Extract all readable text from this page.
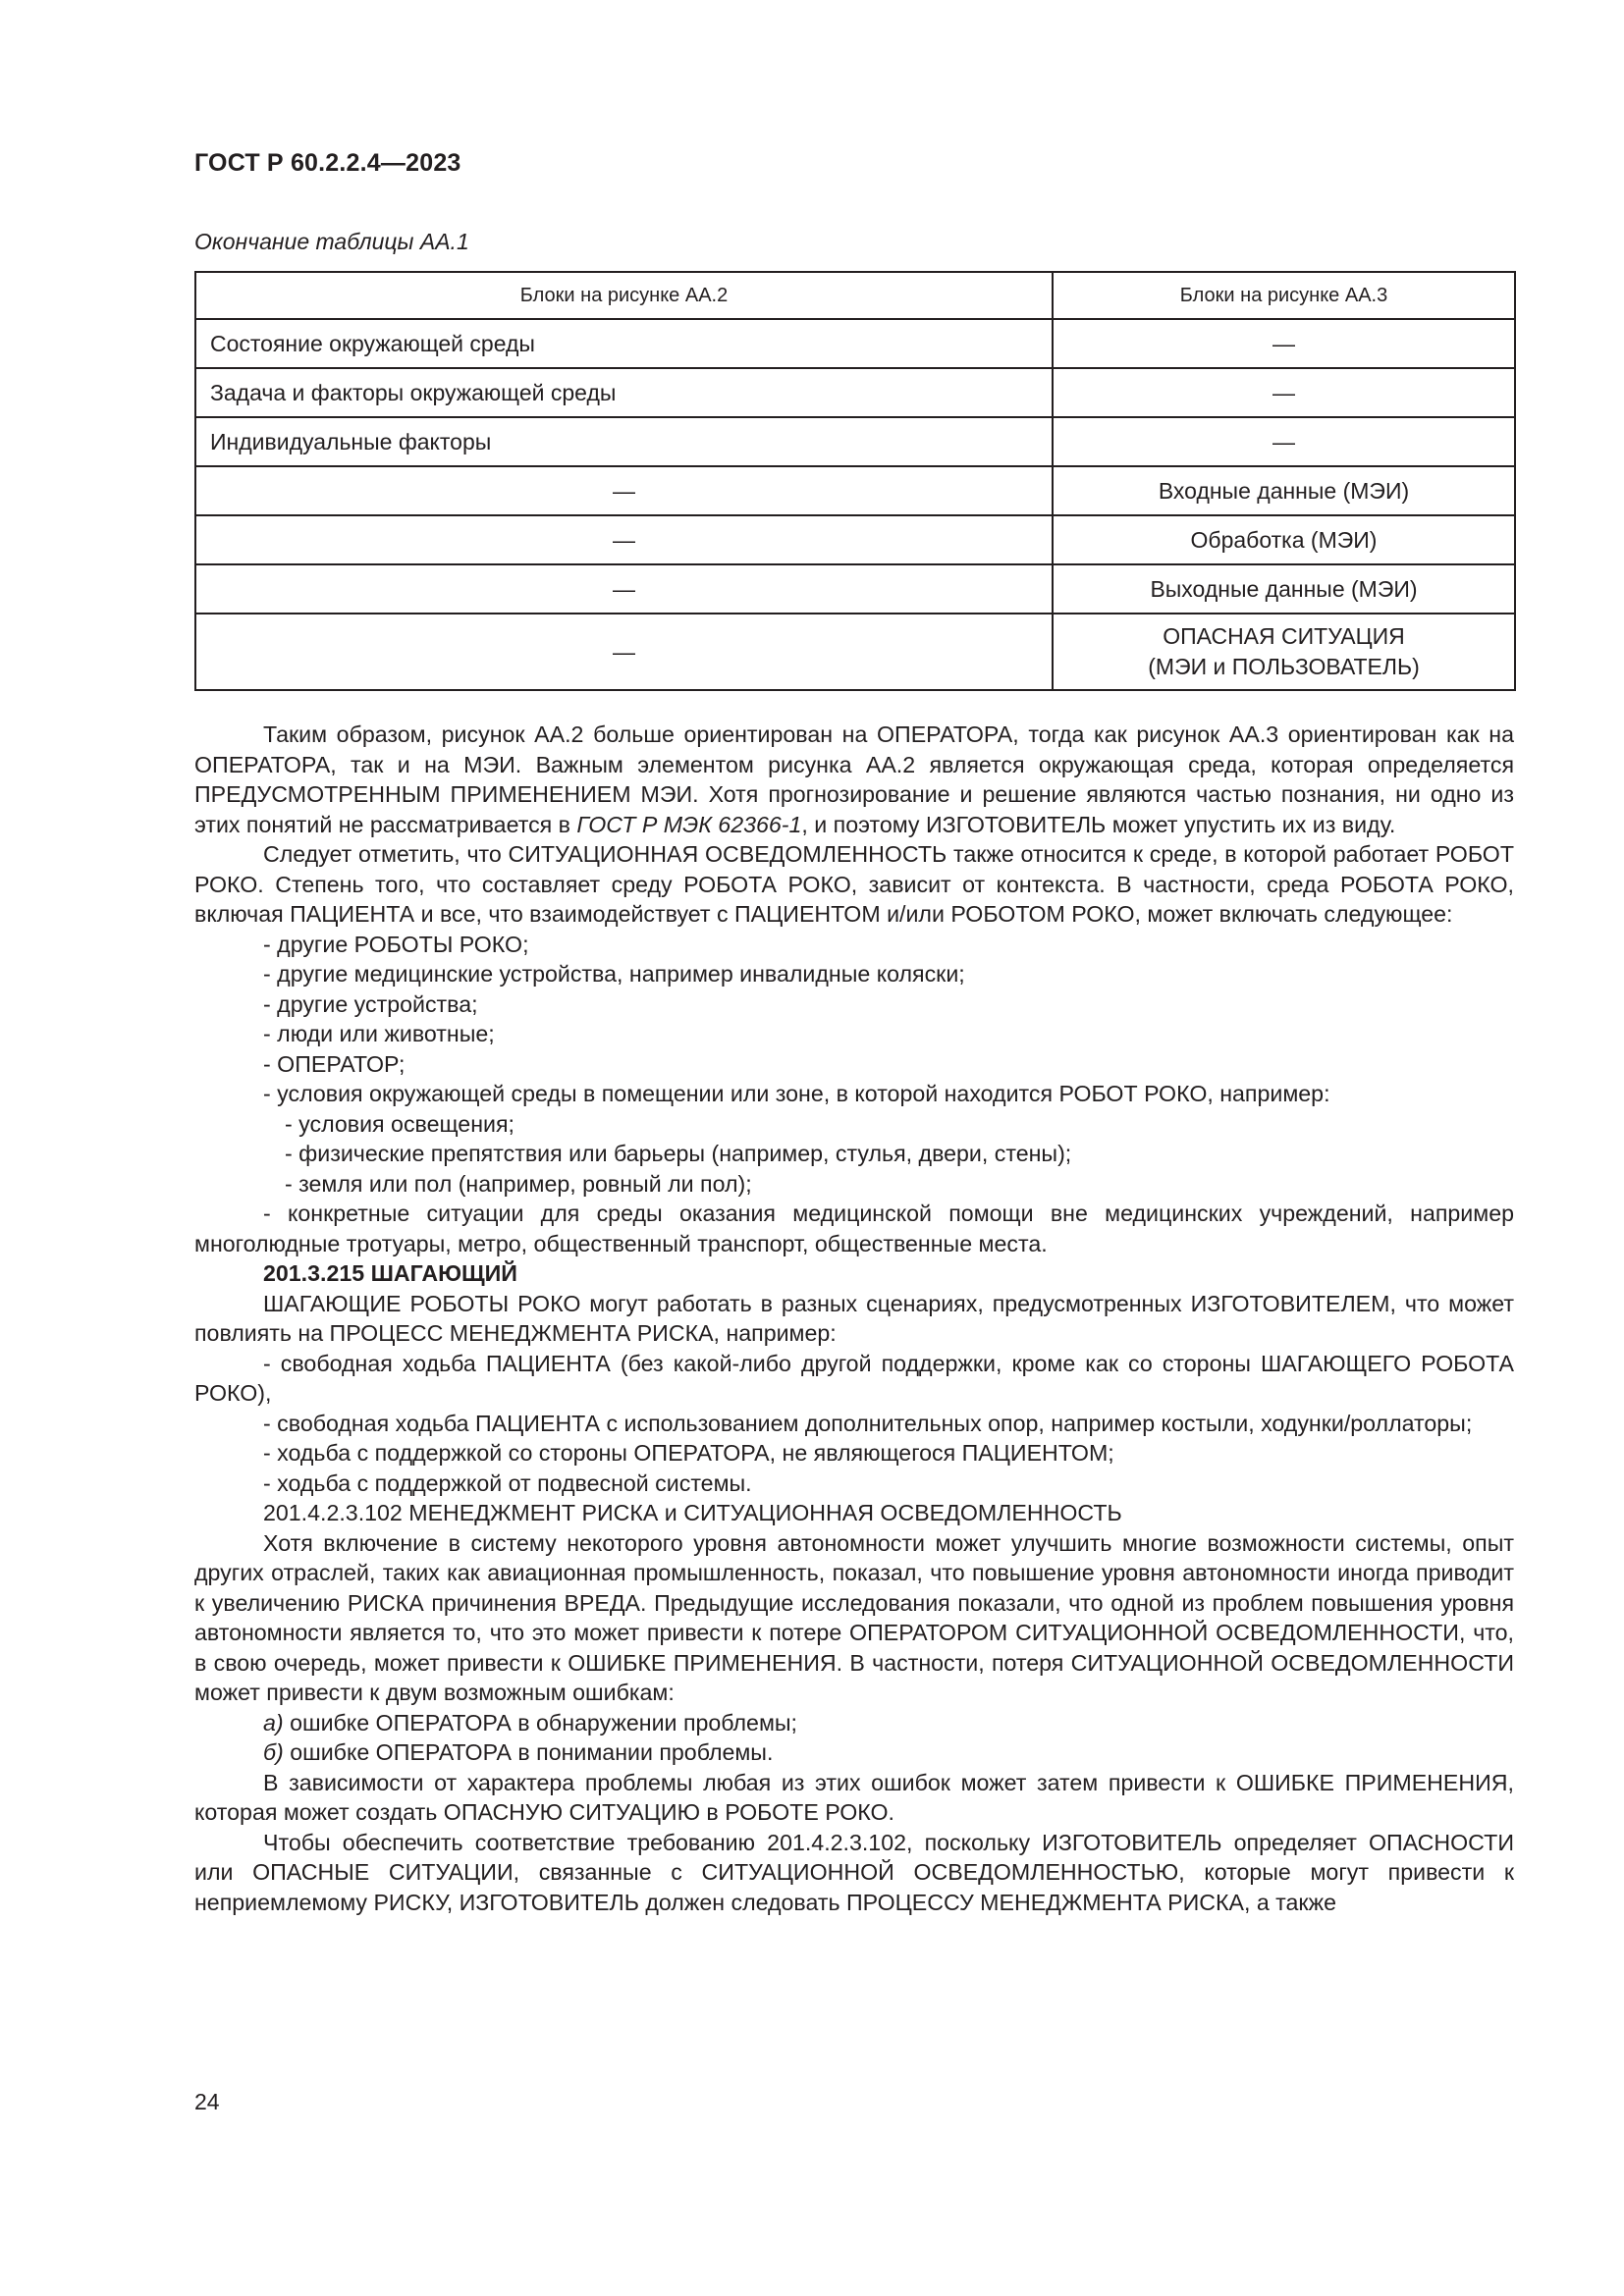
ГОСТ Р 60.2.2.4—2023
Окончание таблицы АА.1
Блоки на рисунке АА.2	Блоки на рисунке АА.3
Состояние окружающей среды	—
Задача и факторы окружающей среды	—
Индивидуальные факторы	—
—	Входные данные (МЭИ)
—	Обработка (МЭИ)
—	Выходные данные (МЭИ)
—	ОПАСНАЯ СИТУАЦИЯ
(МЭИ и ПОЛЬЗОВАТЕЛЬ)

Таким образом, рисунок АА.2 больше ориентирован на ОПЕРАТОРА, тогда как рисунок АА.3 ориентирован как на ОПЕРАТОРА, так и на МЭИ. Важным элементом рисунка АА.2 является окружающая среда, которая определяется ПРЕДУСМОТРЕННЫМ ПРИМЕНЕНИЕМ МЭИ. Хотя прогнозирование и решение являются частью познания, ни одно из этих понятий не рассматривается в ГОСТ Р МЭК 62366-1, и поэтому ИЗГОТОВИТЕЛЬ может упустить их из виду.

Следует отметить, что СИТУАЦИОННАЯ ОСВЕДОМЛЕННОСТЬ также относится к среде, в которой работает РОБОТ РОКО. Степень того, что составляет среду РОБОТА РОКО, зависит от контекста. В частности, среда РОБОТА РОКО, включая ПАЦИЕНТА и все, что взаимодействует с ПАЦИЕНТОМ и/или РОБОТОМ РОКО, может включать следующее:

- другие РОБОТЫ РОКО;

- другие медицинские устройства, например инвалидные коляски;

- другие устройства;

- люди или животные;

- ОПЕРАТОР;

- условия окружающей среды в помещении или зоне, в которой находится РОБОТ РОКО, например:

- условия освещения;

- физические препятствия или барьеры (например, стулья, двери, стены);

- земля или пол (например, ровный ли пол);

- конкретные ситуации для среды оказания медицинской помощи вне медицинских учреждений, например многолюдные тротуары, метро, общественный транспорт, общественные места.

201.3.215 ШАГАЮЩИЙ

ШАГАЮЩИЕ РОБОТЫ РОКО могут работать в разных сценариях, предусмотренных ИЗГОТОВИТЕЛЕМ, что может повлиять на ПРОЦЕСС МЕНЕДЖМЕНТА РИСКА, например:

- свободная ходьба ПАЦИЕНТА (без какой-либо другой поддержки, кроме как со стороны ШАГАЮЩЕГО РОБОТА РОКО),

- свободная ходьба ПАЦИЕНТА с использованием дополнительных опор, например костыли, ходунки/роллаторы;

- ходьба с поддержкой со стороны ОПЕРАТОРА, не являющегося ПАЦИЕНТОМ;

- ходьба с поддержкой от подвесной системы.

201.4.2.3.102 МЕНЕДЖМЕНТ РИСКА и СИТУАЦИОННАЯ ОСВЕДОМЛЕННОСТЬ

Хотя включение в систему некоторого уровня автономности может улучшить многие возможности системы, опыт других отраслей, таких как авиационная промышленность, показал, что повышение уровня автономности иногда приводит к увеличению РИСКА причинения ВРЕДА. Предыдущие исследования показали, что одной из проблем повышения уровня автономности является то, что это может привести к потере ОПЕРАТОРОМ СИТУАЦИОННОЙ ОСВЕДОМЛЕННОСТИ, что, в свою очередь, может привести к ОШИБКЕ ПРИМЕНЕНИЯ. В частности, потеря СИТУАЦИОННОЙ ОСВЕДОМЛЕННОСТИ может привести к двум возможным ошибкам:

а) ошибке ОПЕРАТОРА в обнаружении проблемы;

б) ошибке ОПЕРАТОРА в понимании проблемы.

В зависимости от характера проблемы любая из этих ошибок может затем привести к ОШИБКЕ ПРИМЕНЕНИЯ, которая может создать ОПАСНУЮ СИТУАЦИЮ в РОБОТЕ РОКО.

Чтобы обеспечить соответствие требованию 201.4.2.3.102, поскольку ИЗГОТОВИТЕЛЬ определяет ОПАСНОСТИ или ОПАСНЫЕ СИТУАЦИИ, связанные с СИТУАЦИОННОЙ ОСВЕДОМЛЕННОСТЬЮ, которые могут привести к неприемлемому РИСКУ, ИЗГОТОВИТЕЛЬ должен следовать ПРОЦЕССУ МЕНЕДЖМЕНТА РИСКА, а также

24
